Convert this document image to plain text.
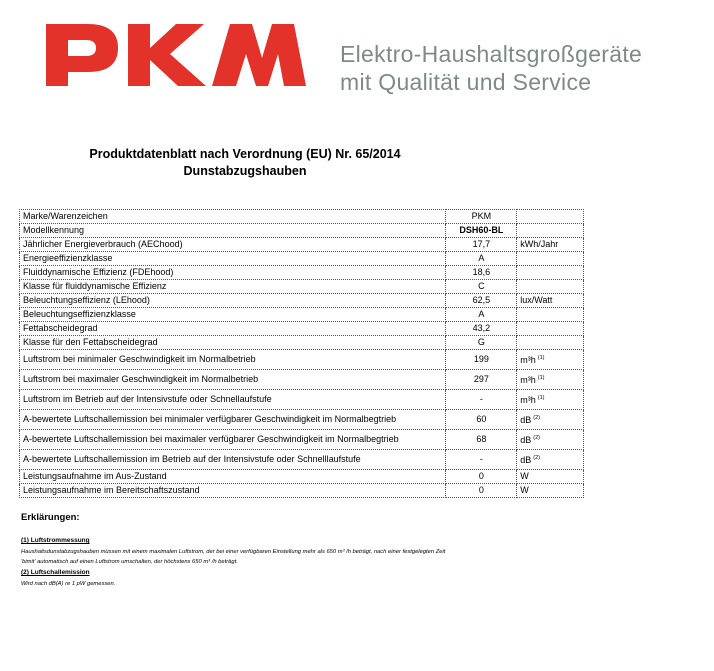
Elektro-Haushaltsgroßgeräte
mit Qualität und Service
Produktdatenblatt nach Verordnung (EU) Nr. 65/2014
Dunstabzugshauben
Marke/Warenzeichen	PKM	
Modellkennung	DSH60-BL	
Jährlicher Energieverbrauch (AEChood)	17,7	kWh/Jahr
Energieeffizienzklasse	A	
Fluiddynamische Effizienz (FDEhood)	18,6	
Klasse für fluiddynamische Effizienz	C	
Beleuchtungseffizienz (LEhood)	62,5	lux/Watt
Beleuchtungseffizienzklasse	A	
Fettabscheidegrad	43,2	
Klasse für den Fettabscheidegrad	G	
Luftstrom bei minimaler Geschwindigkeit im Normalbetrieb	199	m³h $^{(1)}$
Luftstrom bei maximaler Geschwindigkeit im Normalbetrieb	297	m³h $^{(1)}$
Luftstrom im Betrieb auf der Intensivstufe oder Schnellaufstufe	-	m³h $^{(1)}$
A-bewertete Luftschallemission bei minimaler verfügbarer Geschwindigkeit im Normalbegtrieb	60	dB $^{(2)}$
A-bewertete Luftschallemission bei maximaler verfügbarer Geschwindigkeit im Normalbegtrieb	68	dB $^{(2)}$
A-bewertete Luftschallemission im Betrieb auf der Intensivstufe oder Schnelllaufstufe	-	dB $^{(2)}$
Leistungsaufnahme im Aus-Zustand	0	W
Leistungsaufnahme im Bereitschaftszustand	0	W
Erklärungen:
(1) Luftstrommessung
Haushaltsdunstabzugshauben müssen mit einem maximalen Luftstrom, der bei einer verfügbaren Einstellung mehr als 650 m³ /h beträgt, nach einer festgelegten Zeit
'bimit' automatisch auf einen Luftstrom umschalten, der höchstens 650 m³ /h beträgt.
(2) Luftschallemission
Wird nach dB(A) re 1 pW gemessen.
